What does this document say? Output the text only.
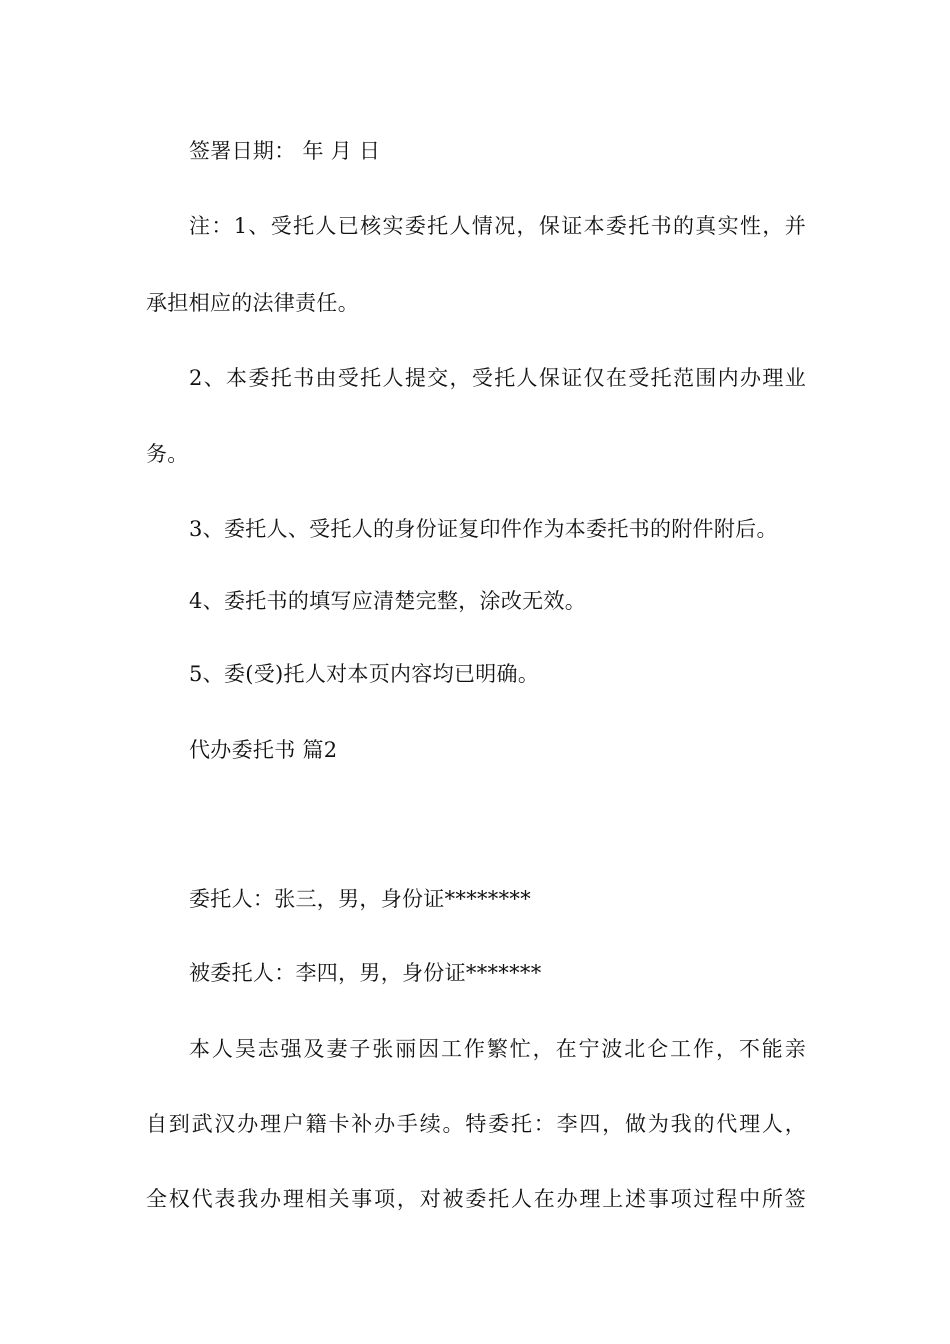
签署日期： 年 月 日
注：1、受托人已核实委托人情况，保证本委托书的真实性，并
承担相应的法律责任。
2、本委托书由受托人提交，受托人保证仅在受托范围内办理业
务。
3、委托人、受托人的身份证复印件作为本委托书的附件附后。
4、委托书的填写应清楚完整，涂改无效。
5、委(受)托人对本页内容均已明确。
代办委托书 篇2
委托人：张三，男，身份证********
被委托人：李四，男，身份证*******
本人吴志强及妻子张丽因工作繁忙，在宁波北仑工作，不能亲
自到武汉办理户籍卡补办手续。特委托：李四，做为我的代理人，
全权代表我办理相关事项，对被委托人在办理上述事项过程中所签
